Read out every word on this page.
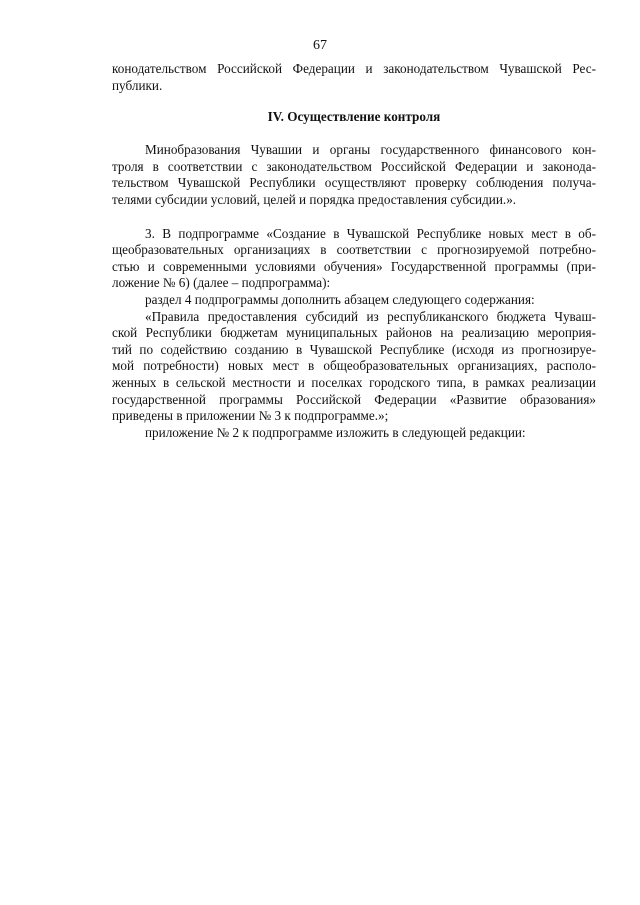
67
конодательством Российской Федерации и законодательством Чувашской Рес-
публики.
IV. Осуществление контроля
Минобразования Чувашии и органы государственного финансового кон-
троля в соответствии с законодательством Российской Федерации и законода-
тельством Чувашской Республики осуществляют проверку соблюдения получа-
телями субсидии условий, целей и порядка предоставления субсидии.».
3. В подпрограмме «Создание в Чувашской Республике новых мест в об-
щеобразовательных организациях в соответствии с прогнозируемой потребно-
стью и современными условиями обучения» Государственной программы (при-
ложение № 6) (далее – подпрограмма):
раздел 4 подпрограммы дополнить абзацем следующего содержания:
«Правила предоставления субсидий из республиканского бюджета Чуваш-
ской Республики бюджетам муниципальных районов на реализацию мероприя-
тий по содействию созданию в Чувашской Республике (исходя из прогнозируе-
мой потребности) новых мест в общеобразовательных организациях, располо-
женных в сельской местности и поселках городского типа, в рамках реализации
государственной программы Российской Федерации «Развитие образования»
приведены в приложении № 3 к подпрограмме.»;
приложение № 2 к подпрограмме изложить в следующей редакции:
